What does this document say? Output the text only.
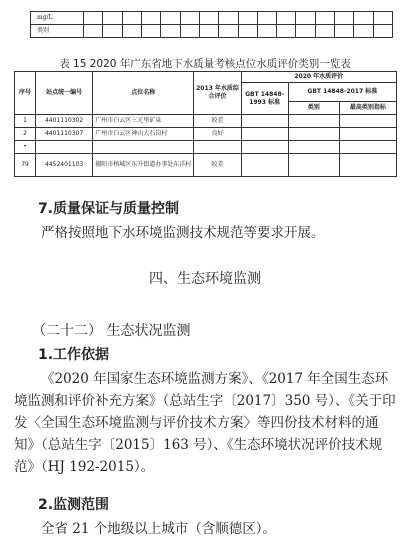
mg/L																
类别																
表 15 2020 年广东省地下水质量考核点位水质评价类别一览表
序号	站点统一编号	点位名称	2013 年水质综合评价	2020 年水质评价		
				GBT 14848-1993 标准	GBT 14848-2017 标准	
					类别	最高类别指标
1	4401110302	广州市白云区三元里矿泉	较差			
2	4401110307	广州市白云区神山大石岗村	良好			
•						
79	4452401103	揭阳市榕城区东升街道办事处东洋村	较差			
7.质量保证与质量控制
严格按照地下水环境监测技术规范等要求开展。
四、生态环境监测
（二十二） 生态状况监测
1.工作依据
《2020 年国家生态环境监测方案》、《2017 年全国生态环境监测和评价补充方案》（总站生字〔2017〕350 号）、《关于印发〈全国生态环境监测与评价技术方案〉等四份技术材料的通知》（总站生字〔2015〕163 号）、《生态环境状况评价技术规范》（HJ 192-2015）。
2.监测范围
全省 21 个地级以上城市（含顺德区）。
